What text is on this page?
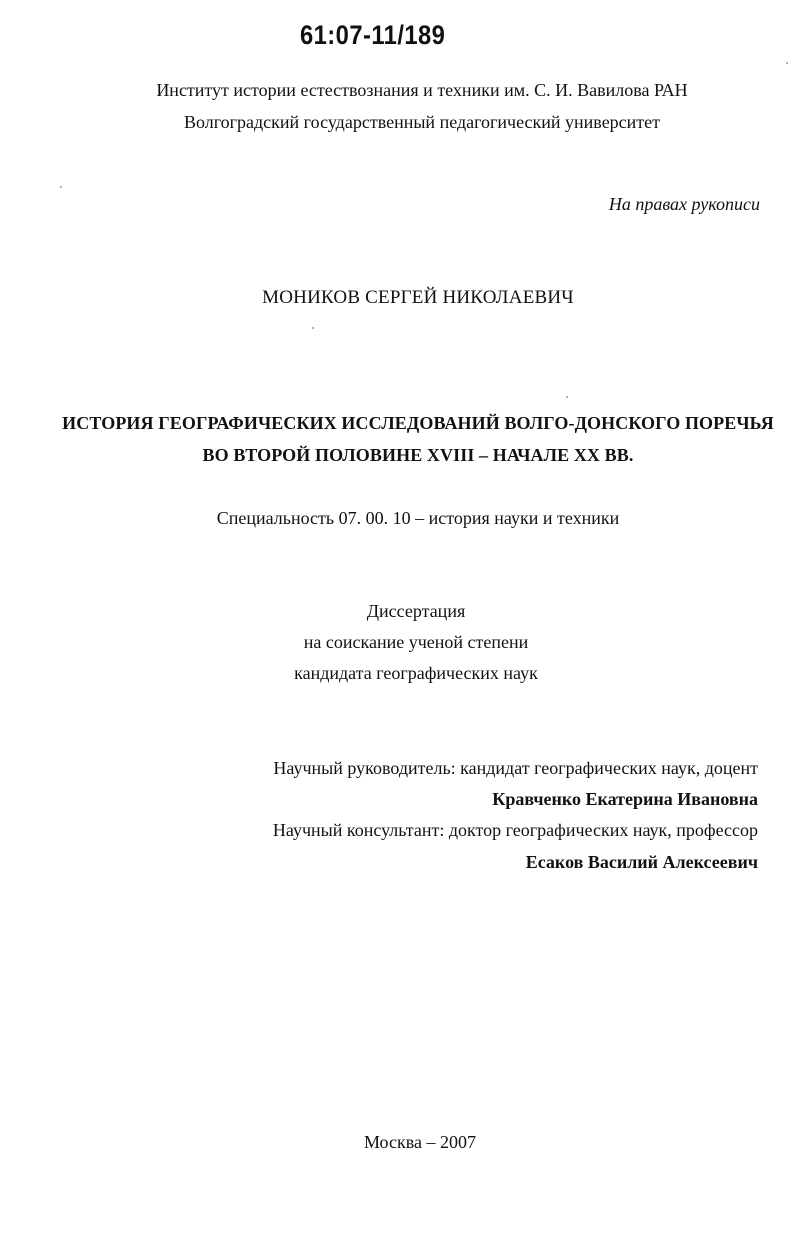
61:07-11/189
Институт истории естествознания и техники им. С. И. Вавилова РАН
Волгоградский государственный педагогический университет
На правах рукописи
МОНИКОВ СЕРГЕЙ НИКОЛАЕВИЧ
ИСТОРИЯ ГЕОГРАФИЧЕСКИХ ИССЛЕДОВАНИЙ ВОЛГО-ДОНСКОГО ПОРЕЧЬЯ
ВО ВТОРОЙ ПОЛОВИНЕ XVIII – НАЧАЛЕ XX ВВ.
Специальность 07. 00. 10 – история науки и техники
Диссертация
на соискание ученой степени
кандидата географических наук
Научный руководитель: кандидат географических наук, доцент
Кравченко Екатерина Ивановна
Научный консультант: доктор географических наук, профессор
Есаков Василий Алексеевич
Москва – 2007
